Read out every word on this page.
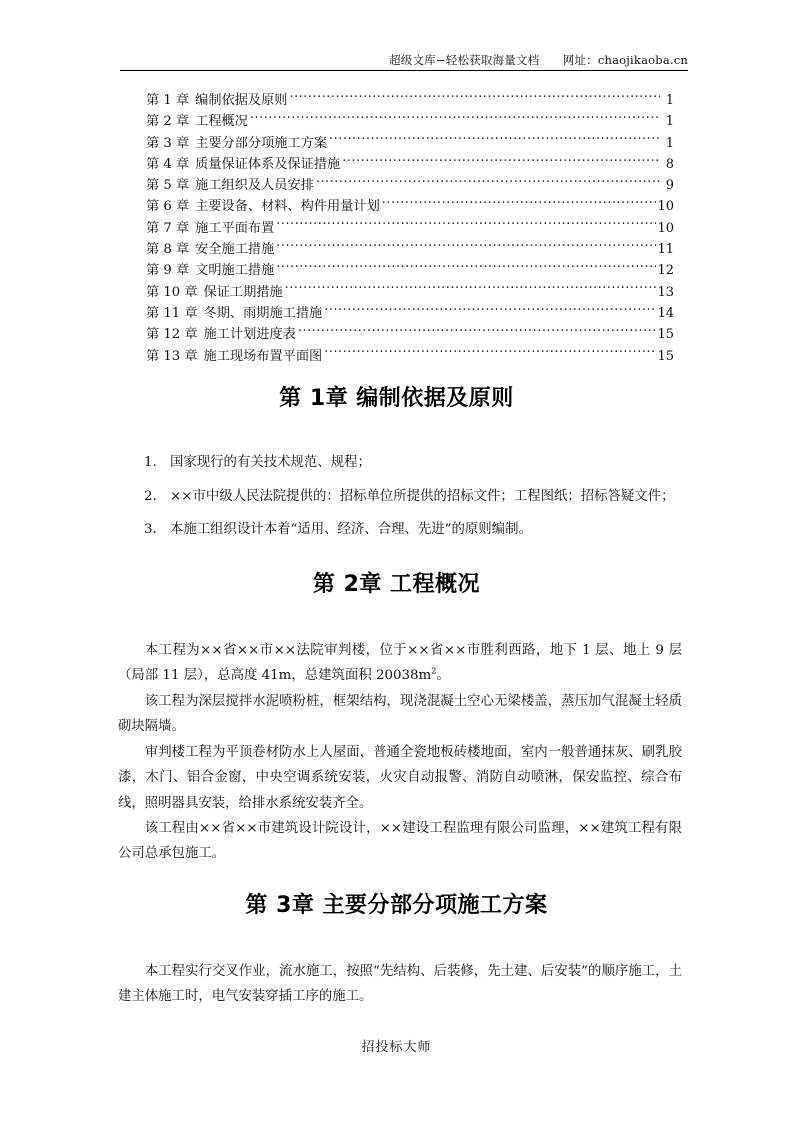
超级文库−轻松获取海量文档　　网址：chaojikaoba.cn
第 1 章 编制依据及原则 .....	1
第 2 章 工程概况 .....	1
第 3 章 主要分部分项施工方案 .....	1
第 4 章 质量保证体系及保证措施 .....	8
第 5 章 施工组织及人员安排 .....	9
第 6 章 主要设备、材料、构件用量计划 .....	10
第 7 章 施工平面布置 .....	10
第 8 章 安全施工措施 .....	11
第 9 章 文明施工措施 .....	12
第 10 章 保证工期措施 .....	13
第 11 章 冬期、雨期施工措施 .....	14
第 12 章 施工计划进度表 .....	15
第 13 章 施工现场布置平面图 .....	15
第 1章 编制依据及原则
1. 国家现行的有关技术规范、规程；
2. ××市中级人民法院提供的：招标单位所提供的招标文件；工程图纸；招标答疑文件；
3. 本施工组织设计本着“适用、经济、合理、先进”的原则编制。
第 2章 工程概况

本工程为××省××市××法院审判楼，位于××省××市胜利西路，地下 1 层、地上 9 层（局部 11 层），总高度 41m，总建筑面积 $20038m^2$。

该工程为深层搅拌水泥喷粉桩，框架结构，现浇混凝土空心无梁楼盖，蒸压加气混凝土轻质砌块隔墙。

审判楼工程为平顶卷材防水上人屋面，普通全瓷地板砖楼地面，室内一般普通抹灰、刷乳胶漆，木门、铝合金窗，中央空调系统安装，火灾自动报警、消防自动喷淋，保安监控、综合布线，照明器具安装，给排水系统安装齐全。

该工程由××省××市建筑设计院设计，××建设工程监理有限公司监理，××建筑工程有限公司总承包施工。

第 3章 主要分部分项施工方案

本工程实行交叉作业，流水施工，按照“先结构、后装修，先土建、后安装”的顺序施工，土建主体施工时，电气安装穿插工序的施工。

招投标大师
